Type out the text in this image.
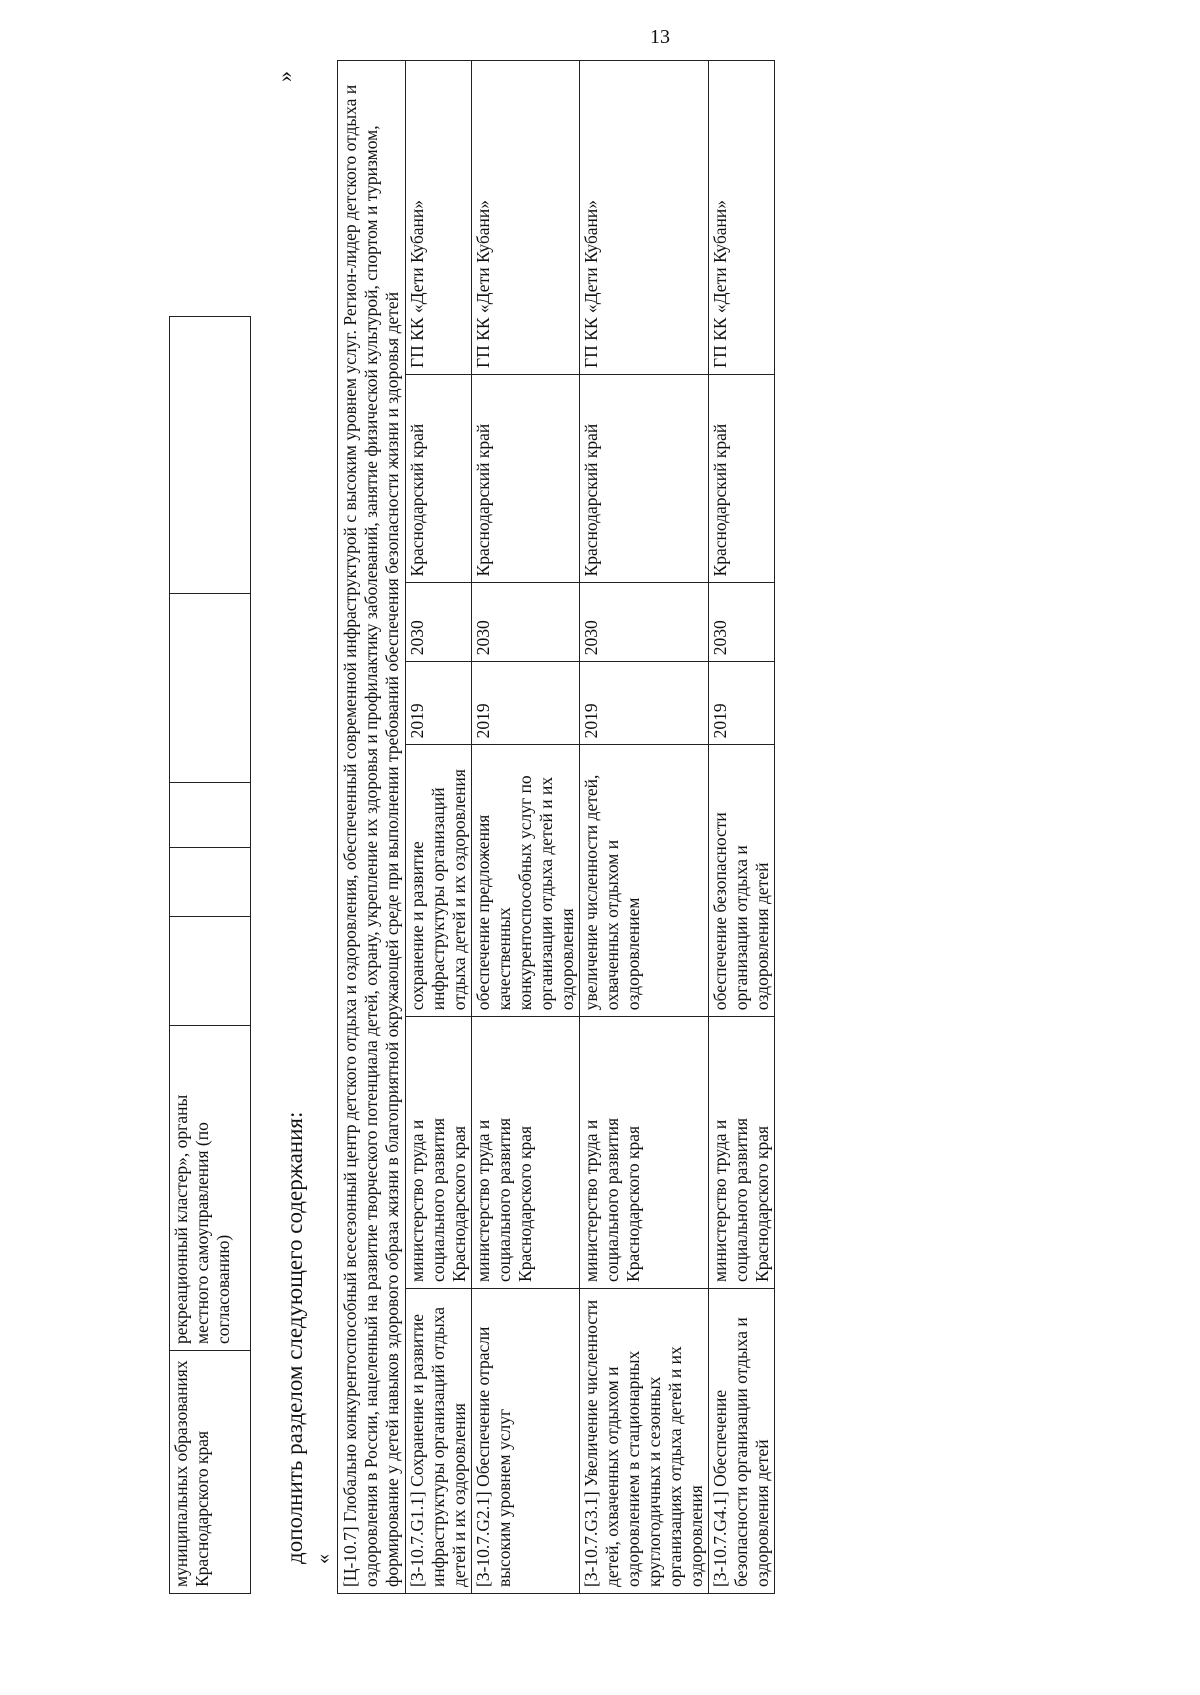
13
муниципальных образованиях Краснодарского края	рекреационный кластер», органы местного самоуправления (по согласованию)					дополнить разделом следующего содержания: «
»
[Ц-10.7] Глобально конкурентоспособный всесезонный центр детского отдыха и оздоровления, обеспеченный современной инфраструктурой с высоким уровнем услуг. Регион-лидер детского отдыха и оздоровления в России, нацеленный на развитие творческого потенциала детей, охрану, укрепление их здоровья и профилактику заболеваний, занятие физической культурой, спортом и туризмом, формирование у детей навыков здорового образа жизни в благоприятной окружающей среде при выполнении требований обеспечения безопасности жизни и здоровья детей						
[З-10.7.G1.1] Сохранение и развитие инфраструктуры организаций отдыха детей и их оздоровления	министерство труда и социального развития Краснодарского края	сохранение и развитие инфраструктуры организаций отдыха детей и их оздоровления	2019	2030	Краснодарский край	ГП КК «Дети Кубани»
[З-10.7.G2.1] Обеспечение отрасли высоким уровнем услуг	министерство труда и социального развития Краснодарского края	обеспечение предложения качественных конкурентоспособных услуг по организации отдыха детей и их оздоровления	2019	2030	Краснодарский край	ГП КК «Дети Кубани»
[З-10.7.G3.1] Увеличение численности детей, охваченных отдыхом и оздоровлением в стационарных круглогодичных и сезонных организациях отдыха детей и их оздоровления	министерство труда и социального развития Краснодарского края	увеличение численности детей, охваченных отдыхом и оздоровлением	2019	2030	Краснодарский край	ГП КК «Дети Кубани»
[З-10.7.G4.1] Обеспечение безопасности организации отдыха и оздоровления детей	министерство труда и социального развития Краснодарского края	обеспечение безопасности организации отдыха и оздоровления детей	2019	2030	Краснодарский край	ГП КК «Дети Кубани»
